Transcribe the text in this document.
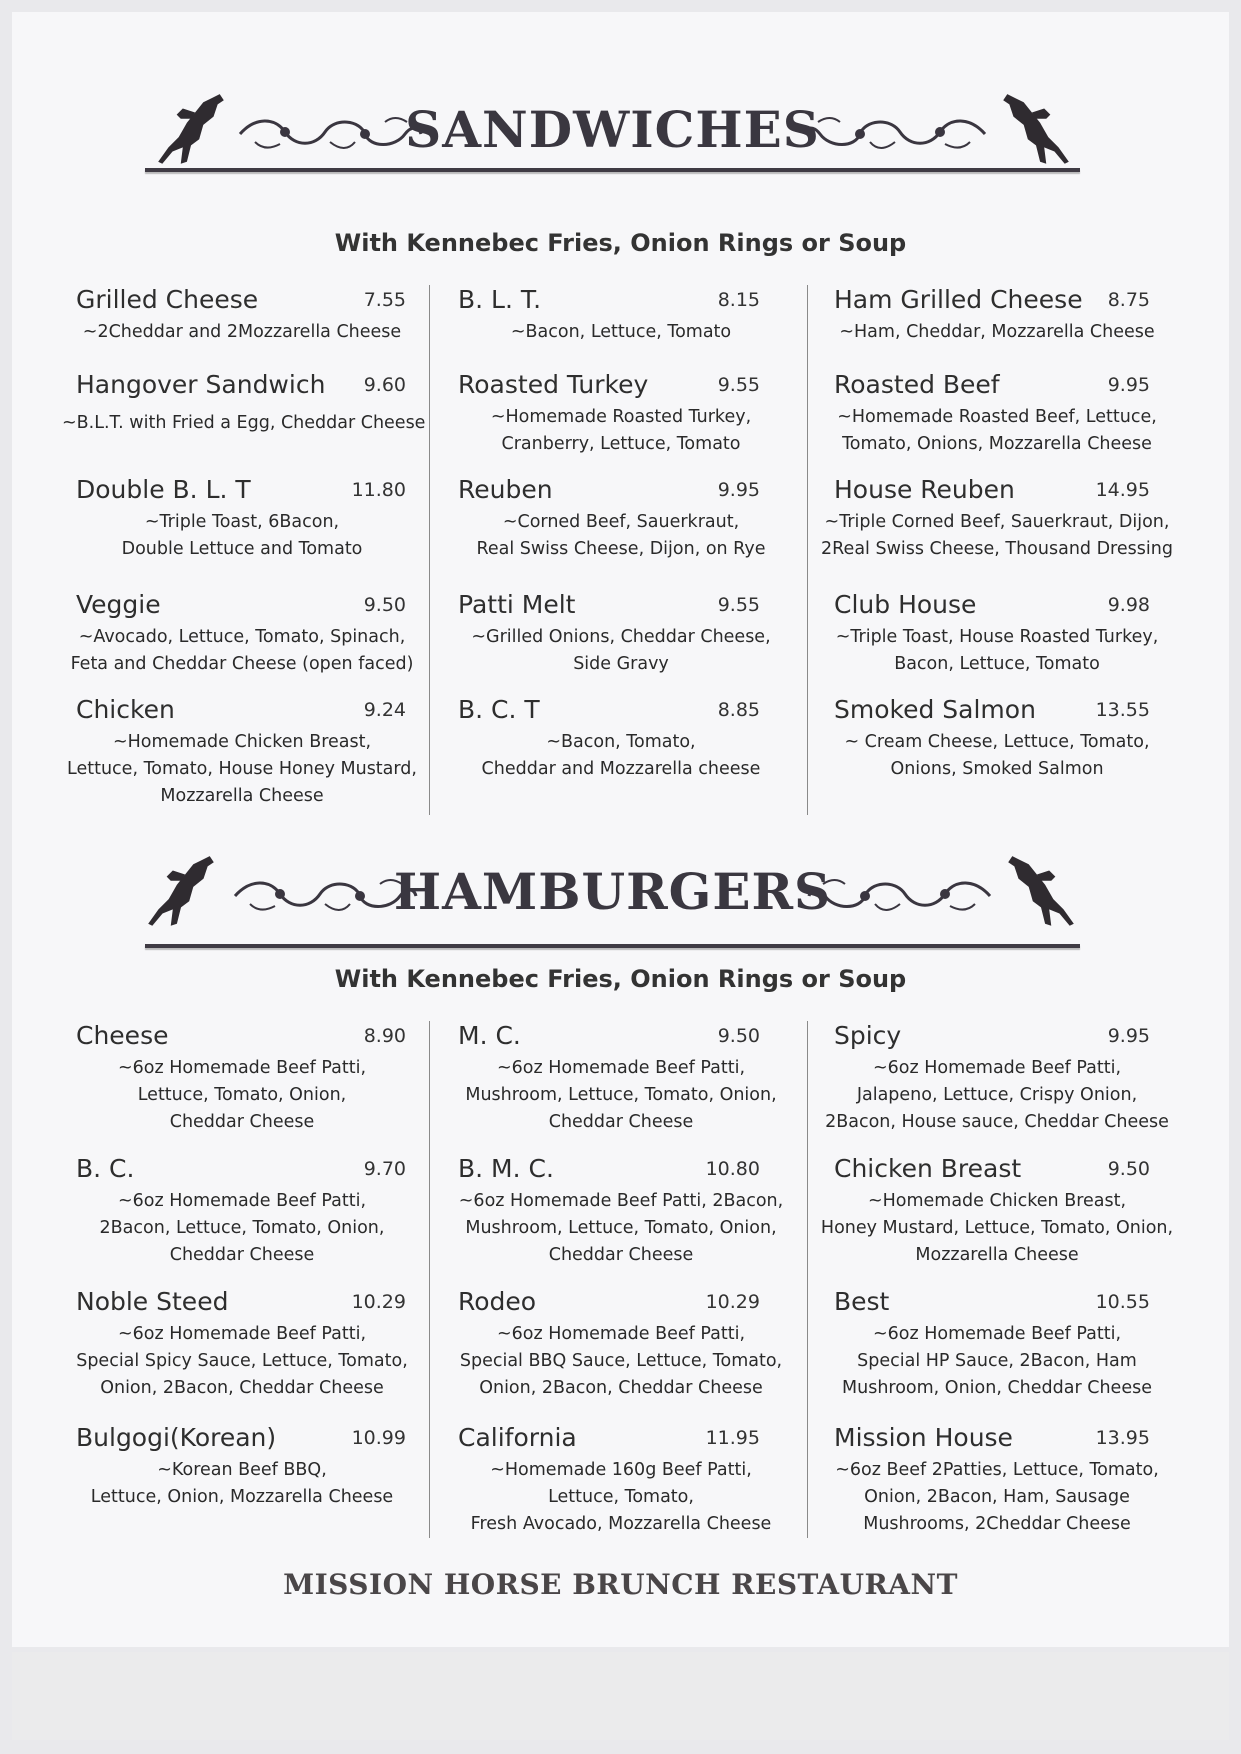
SANDWICHES
With Kennebec Fries, Onion Rings or Soup
Grilled Cheese	7.55
~2Cheddar and 2Mozzarella Cheese
Hangover Sandwich 9.60
~B.L.T. with Fried a Egg, Cheddar Cheese
Double B. L. T	11.80
~Triple Toast, 6Bacon,
Double Lettuce and Tomato
Veggie	9.50
~Avocado, Lettuce, Tomato, Spinach,
Feta and Cheddar Cheese (open faced)
Chicken	9.24
~Homemade Chicken Breast,
Lettuce, Tomato, House Honey Mustard,
Mozzarella Cheese
B. L. T.	8.15
~Bacon, Lettuce, Tomato
Roasted Turkey	9.55
~Homemade Roasted Turkey,
Cranberry, Lettuce, Tomato
Reuben	9.95
~Corned Beef, Sauerkraut,
Real Swiss Cheese, Dijon, on Rye
Patti Melt	9.55
~Grilled Onions, Cheddar Cheese,
Side Gravy
B. C. T	8.85
~Bacon, Tomato,
Cheddar and Mozzarella cheese
Ham Grilled Cheese 8.75
~Ham, Cheddar, Mozzarella Cheese
Roasted Beef	9.95
~Homemade Roasted Beef, Lettuce,
Tomato, Onions, Mozzarella Cheese
House Reuben	14.95
~Triple Corned Beef, Sauerkraut, Dijon,
2Real Swiss Cheese, Thousand Dressing
Club House	9.98
~Triple Toast, House Roasted Turkey,
Bacon, Lettuce, Tomato
Smoked Salmon	13.55
~ Cream Cheese, Lettuce, Tomato,
Onions, Smoked Salmon
HAMBURGERS
With Kennebec Fries, Onion Rings or Soup
Cheese	8.90
~6oz Homemade Beef Patti,
Lettuce, Tomato, Onion,
Cheddar Cheese
B. C.	9.70
~6oz Homemade Beef Patti,
2Bacon, Lettuce, Tomato, Onion,
Cheddar Cheese
Noble Steed	10.29
~6oz Homemade Beef Patti,
Special Spicy Sauce, Lettuce, Tomato,
Onion, 2Bacon, Cheddar Cheese
Bulgogi(Korean)	10.99
~Korean Beef BBQ,
Lettuce, Onion, Mozzarella Cheese
M. C.	9.50
~6oz Homemade Beef Patti,
Mushroom, Lettuce, Tomato, Onion,
Cheddar Cheese
B. M. C.	10.80
~6oz Homemade Beef Patti, 2Bacon,
Mushroom, Lettuce, Tomato, Onion,
Cheddar Cheese
Rodeo	10.29
~6oz Homemade Beef Patti,
Special BBQ Sauce, Lettuce, Tomato,
Onion, 2Bacon, Cheddar Cheese
California	11.95
~Homemade 160g Beef Patti,
Lettuce, Tomato,
Fresh Avocado, Mozzarella Cheese
Spicy	9.95
~6oz Homemade Beef Patti,
Jalapeno, Lettuce, Crispy Onion,
2Bacon, House sauce, Cheddar Cheese
Chicken Breast	9.50
~Homemade Chicken Breast,
Honey Mustard, Lettuce, Tomato, Onion,
Mozzarella Cheese
Best	10.55
~6oz Homemade Beef Patti,
Special HP Sauce, 2Bacon, Ham
Mushroom, Onion, Cheddar Cheese
Mission House	13.95
~6oz Beef 2Patties, Lettuce, Tomato,
Onion, 2Bacon, Ham, Sausage
Mushrooms, 2Cheddar Cheese
MISSION HORSE BRUNCH RESTAURANT
